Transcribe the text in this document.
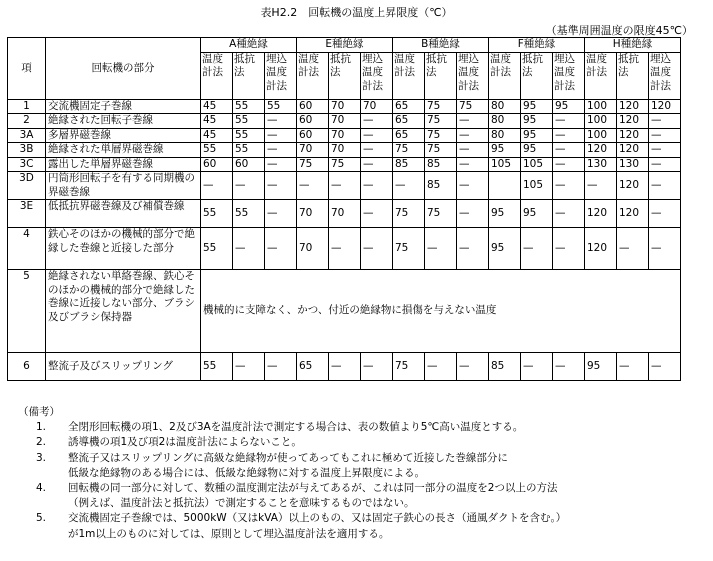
表H2.2　回転機の温度上昇限度（℃）
（基準周囲温度の限度45℃）
項	回転機の部分	A種絶縁			E種絶縁			B種絶縁			F種絶縁			H種絶縁		
		温度計法	抵抗法	埋込温度計法	温度計法	抵抗法	埋込温度計法	温度計法	抵抗法	埋込温度計法	温度計法	抵抗法	埋込温度計法	温度計法	抵抗法	埋込温度計法
1	交流機固定子巻線	45	55	55	60	70	70	65	75	75	80	95	95	100	120	120
2	絶縁された回転子巻線	45	55	—	60	70	—	65	75	—	80	95	—	100	120	—
3A	多層界磁巻線	45	55	—	60	70	—	65	75	—	80	95	—	100	120	—
3B	絶縁された単層界磁巻線	55	55	—	70	70	—	75	75	—	95	95	—	120	120	—
3C	露出した単層界磁巻線	60	60	—	75	75	—	85	85	—	105	105	—	130	130	—
3D	円筒形回転子を有する同期機の界磁巻線	—	—	—	—	—	—	—	85	—		105	—	—	120	—
3E	低抵抗界磁巻線及び補償巻線	55	55	—	70	70	—	75	75	—	95	95	—	120	120	—
4	鉄心そのほかの機械的部分で絶縁した巻線と近接した部分	55	—	—	70	—	—	75	—	—	95	—	—	120	—	—
5	絶縁されない単絡巻線、鉄心そのほかの機械的部分で絶縁した巻線に近接しない部分、ブラシ及びブラシ保持器	機械的に支障なく、かつ、付近の絶縁物に損傷を与えない温度														
6	整流子及びスリップリング	55	—	—	65	—	—	75	—	—	85	—	—	95	—	—
（備考）
1. 全閉形回転機の項1、2及び3Aを温度計法で測定する場合は、表の数値より5℃高い温度とする。
2. 誘導機の項1及び項2は温度計法によらないこと。
3. 整流子又はスリップリングに高級な絶縁物が使ってあってもこれに極めて近接した巻線部分に
低級な絶縁物のある場合には、低級な絶縁物に対する温度上昇限度による。
4. 回転機の同一部分に対して、数種の温度測定法が与えてあるが、これは同一部分の温度を2つ以上の方法
（例えば、温度計法と抵抗法）で測定することを意味するものではない。
5. 交流機固定子巻線では、5000kW（又はkVA）以上のもの、又は固定子鉄心の長さ（通風ダクトを含む。）
が1m以上のものに対しては、原則として埋込温度計法を適用する。
